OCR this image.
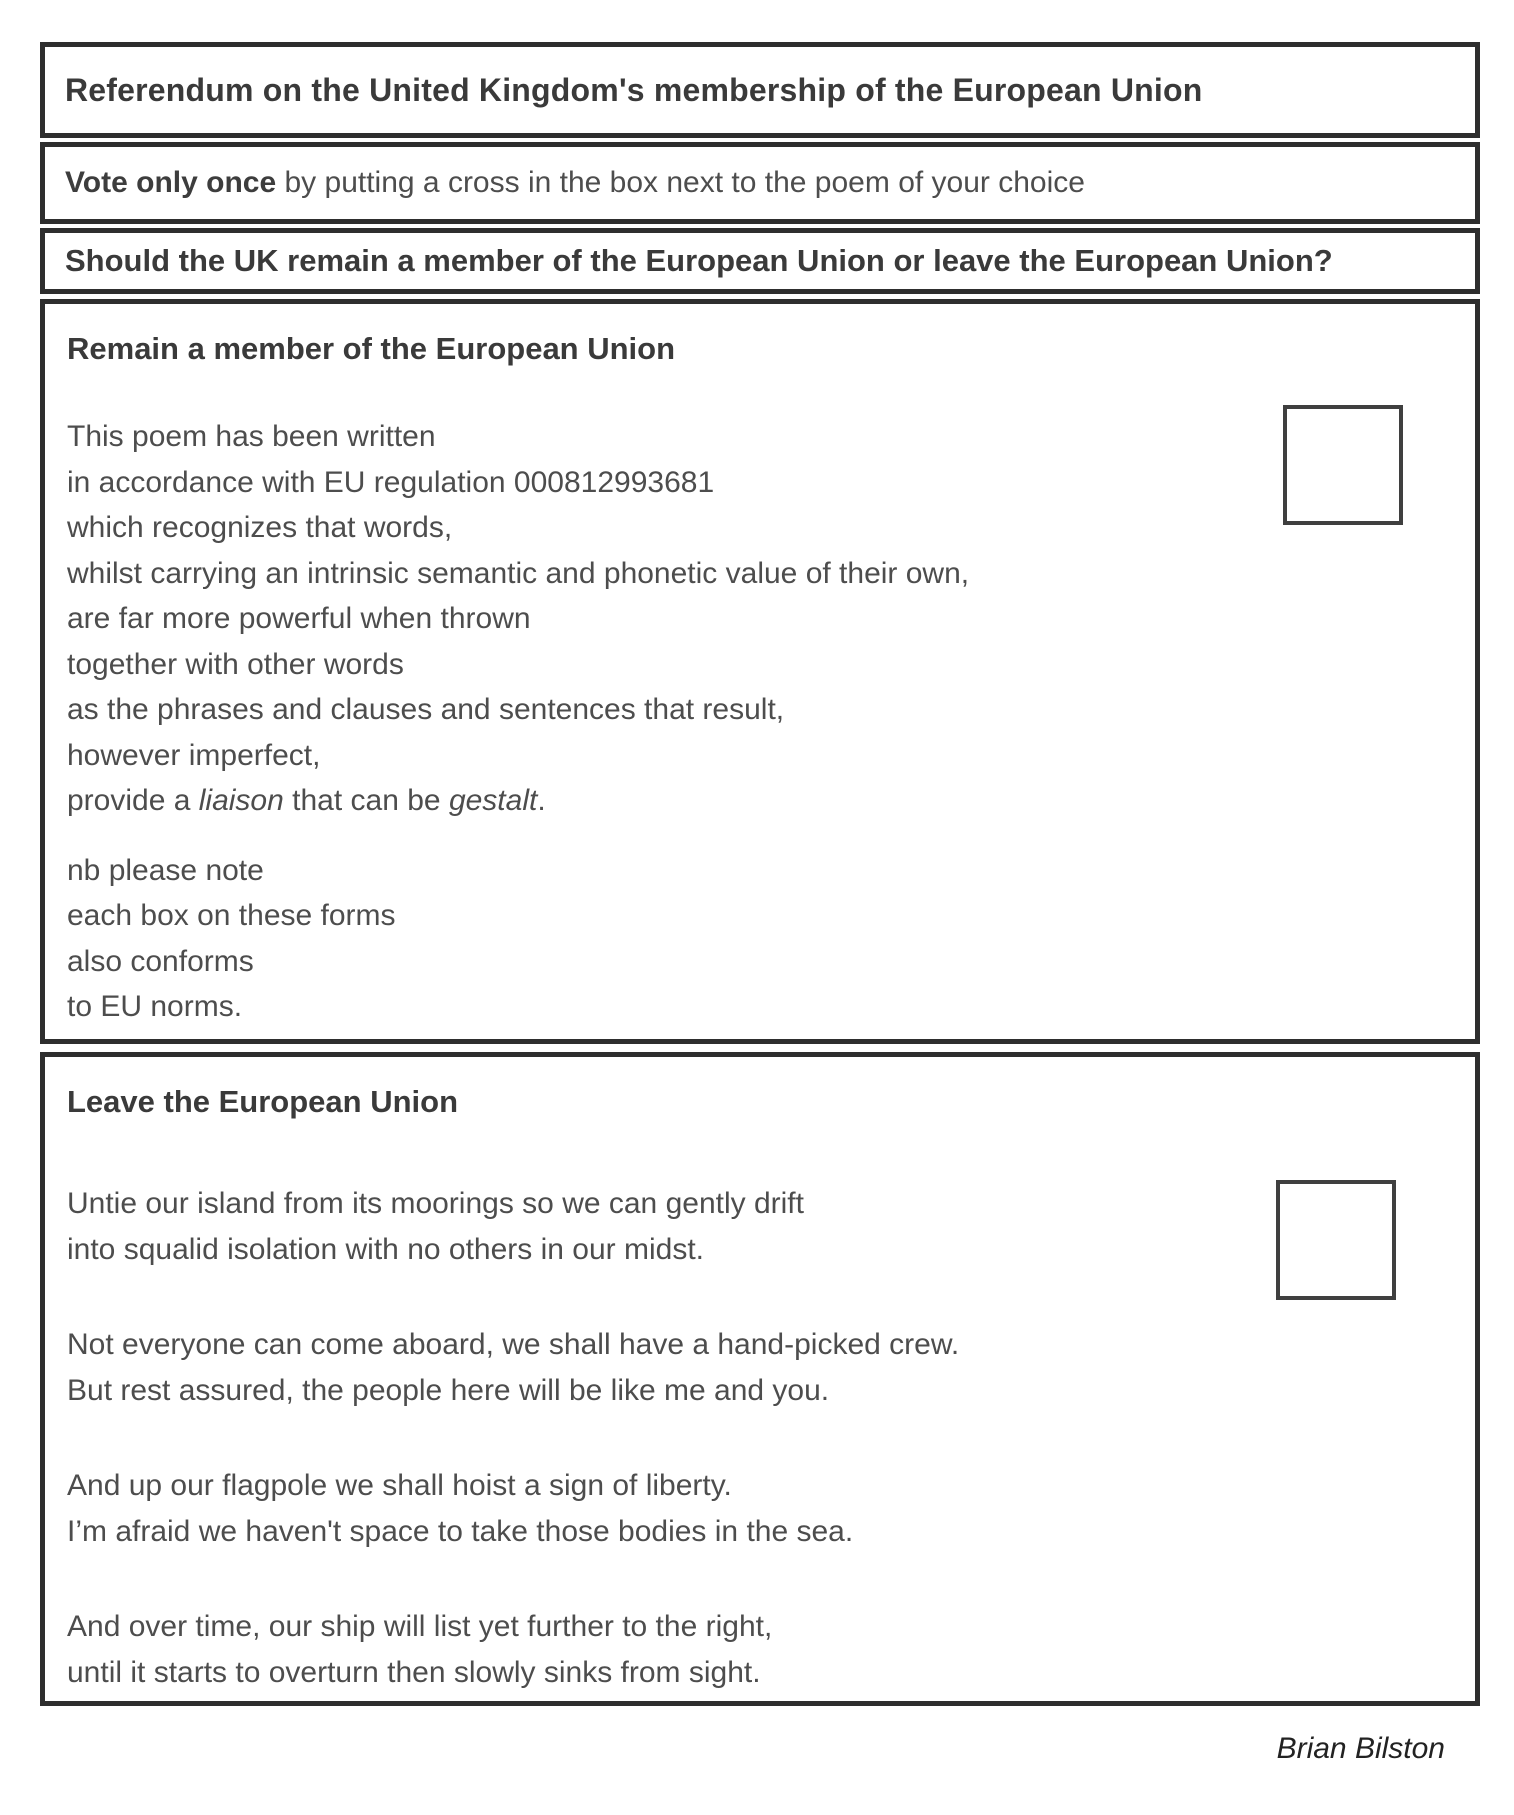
Referendum on the United Kingdom's membership of the European Union

Vote only once by putting a cross in the box next to the poem of your choice

Should the UK remain a member of the European Union or leave the European Union?

Remain a member of the European Union
This poem has been written
in accordance with EU regulation 000812993681
which recognizes that words,
whilst carrying an intrinsic semantic and phonetic value of their own,
are far more powerful when thrown
together with other words
as the phrases and clauses and sentences that result,
however imperfect,
provide a liaison that can be gestalt.
nb please note
each box on these forms
also conforms
to EU norms.
Leave the European Union
Untie our island from its moorings so we can gently drift
into squalid isolation with no others in our midst.
Not everyone can come aboard, we shall have a hand-picked crew.
But rest assured, the people here will be like me and you.
And up our flagpole we shall hoist a sign of liberty.
I’m afraid we haven't space to take those bodies in the sea.
And over time, our ship will list yet further to the right,
until it starts to overturn then slowly sinks from sight.
Brian Bilston
